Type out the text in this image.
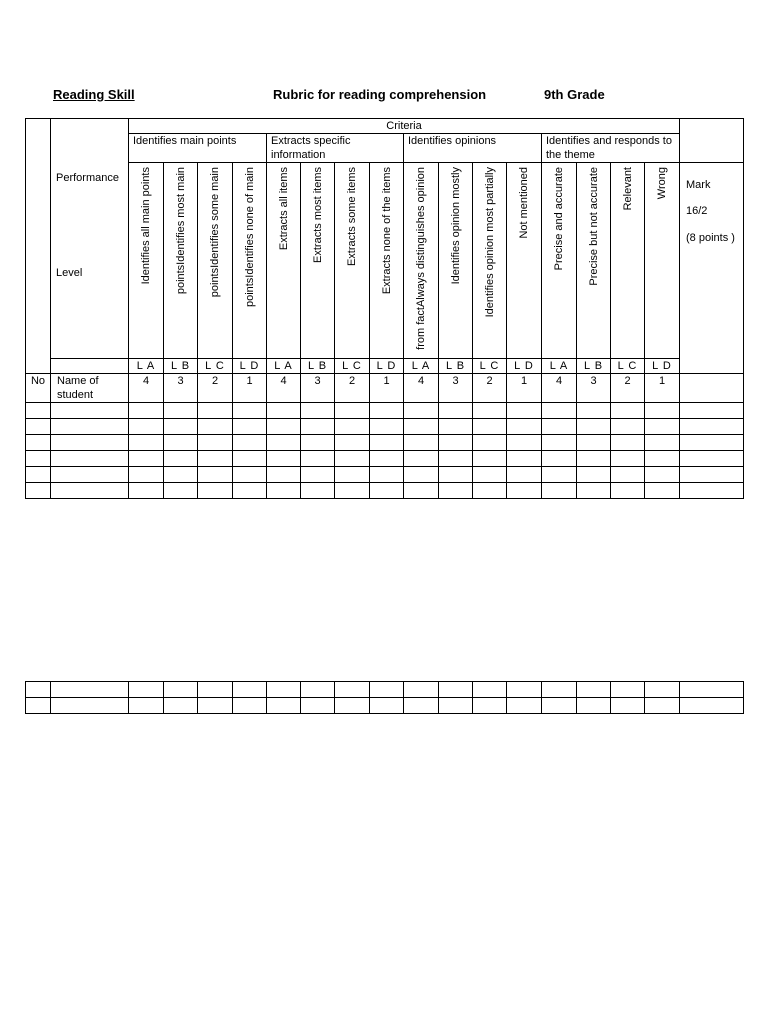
Reading Skill	Rubric for reading comprehension	9th Grade

	Performance
Level	Criteria																
		Identifies main points				Extracts specific information				Identifies opinions				Identifies and responds to the theme				

		Identifies all main points	pointsIdentifies most main	pointsIdentifies some main	pointsIdentifies none of main	Extracts all items	Extracts most items	Extracts some items	Extracts none of the items	from factAlways distinguishes opinion	Identifies opinion mostly	Identifies opinion most partially	Not mentioned	Precise and accurate	Precise but not accurate	Relevant	Wrong	Mark
16/2
(8 points )

		L A	L B	L C	L D	L A	L B	L C	L D	L A	L B	L C	L D	L A	L B	L C	L D	
No	Name of student	4	3	2	1	4	3	2	1	4	3	2	1	4	3	2	1	
